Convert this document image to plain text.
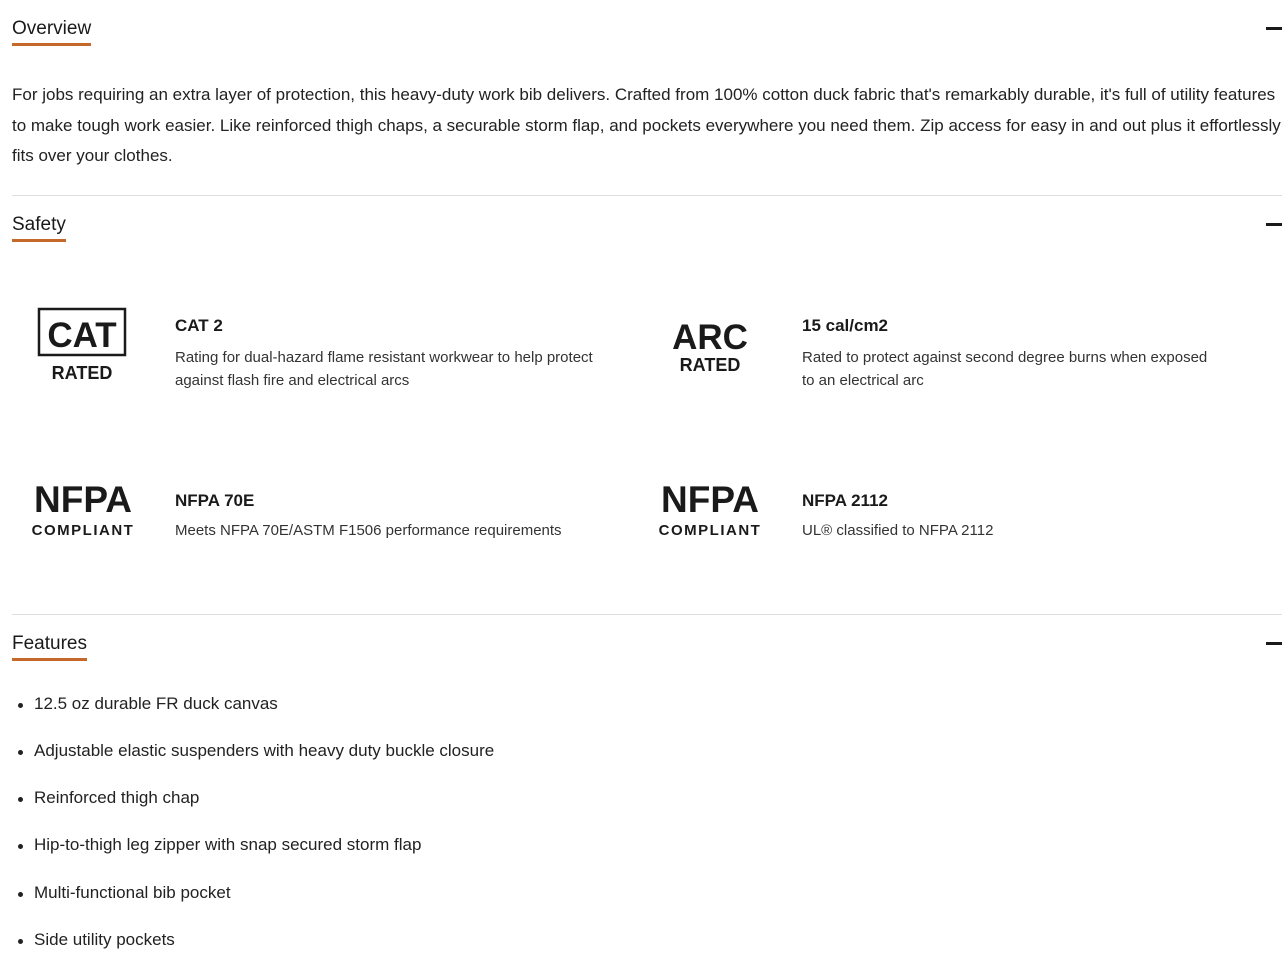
Overview
For jobs requiring an extra layer of protection, this heavy-duty work bib delivers. Crafted from 100% cotton duck fabric that's remarkably durable, it's full of utility features to make tough work easier. Like reinforced thigh chaps, a securable storm flap, and pockets everywhere you need them. Zip access for easy in and out plus it effortlessly fits over your clothes.
Safety
CAT
RATED
CAT 2
Rating for dual-hazard flame resistant workwear to help protect against flash fire and electrical arcs
ARC
RATED
15 cal/cm2
Rated to protect against second degree burns when exposed to an electrical arc
NFPA
COMPLIANT
NFPA 70E
Meets NFPA 70E/ASTM F1506 performance requirements
NFPA
COMPLIANT
NFPA 2112
UL® classified to NFPA 2112
Features
12.5 oz durable FR duck canvas
Adjustable elastic suspenders with heavy duty buckle closure
Reinforced thigh chap
Hip-to-thigh leg zipper with snap secured storm flap
Multi-functional bib pocket
Side utility pockets
